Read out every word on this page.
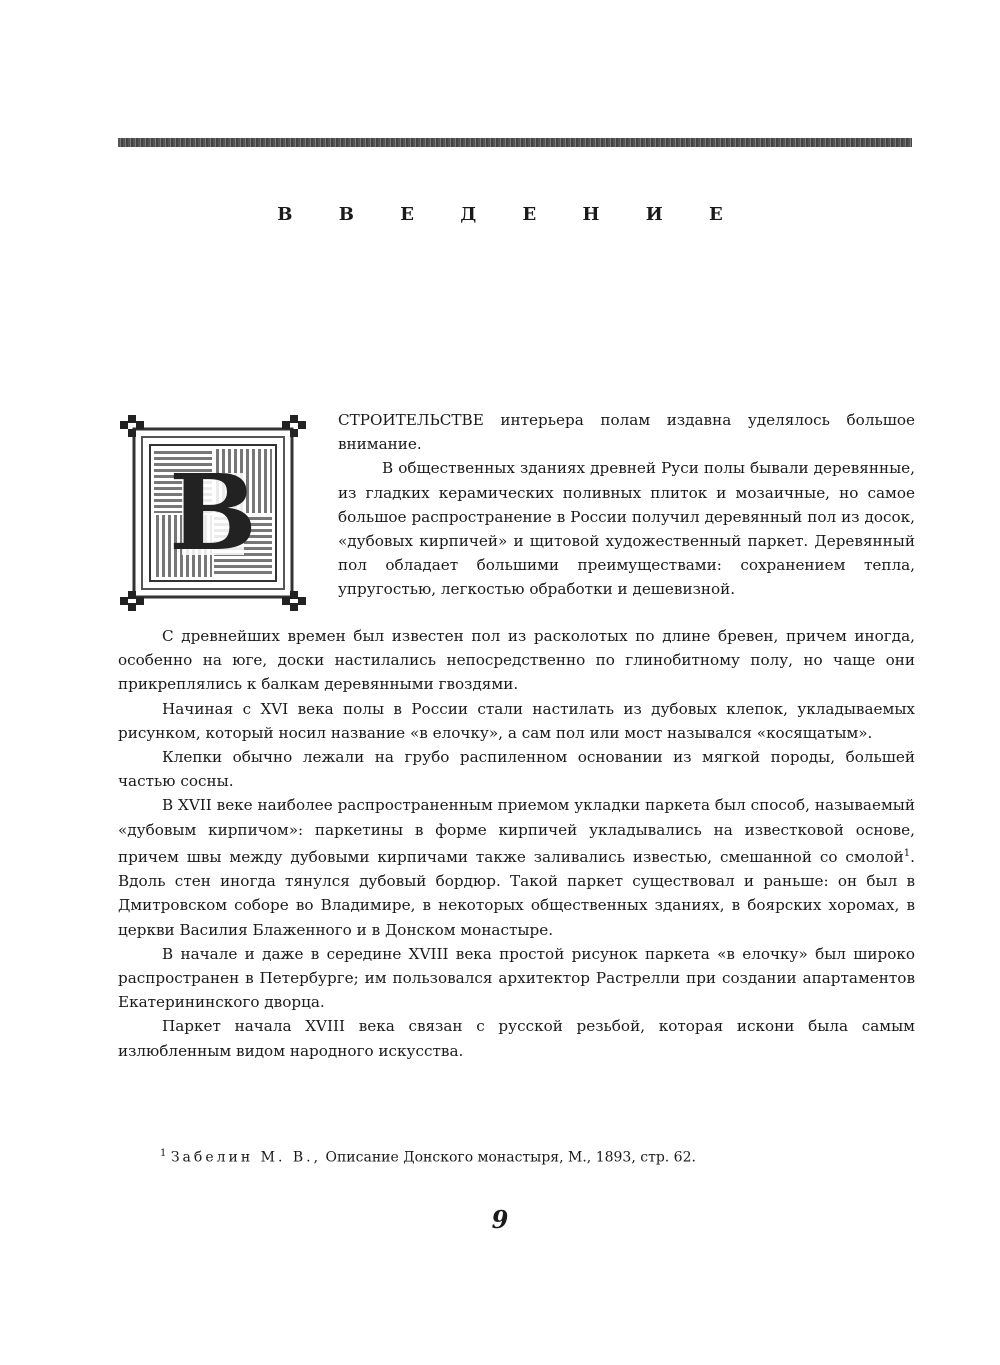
В В Е Д Е Н И Е
В

СТРОИТЕЛЬСТВЕ интерьера полам издавна уделялось большое внимание.

В общественных зданиях древней Руси полы бывали деревянные, из гладких керамических поливных плиток и мозаичные, но самое большое распространение в России получил деревянный пол из досок, «дубовых кирпичей» и щитовой художественный паркет. Деревянный пол обладает большими преимуществами: сохранением тепла, упругостью, легкостью обработки и дешевизной.

С древнейших времен был известен пол из расколотых по длине бревен, причем иногда, особенно на юге, доски настилались непосредственно по глинобитному полу, но чаще они прикреплялись к балкам деревянными гвоздями.

Начиная с XVI века полы в России стали настилать из дубовых клепок, укладываемых рисунком, который носил название «в елочку», а сам пол или мост назывался «косящатым».

Клепки обычно лежали на грубо распиленном основании из мягкой породы, большей частью сосны.

В XVII веке наиболее распространенным приемом укладки паркета был способ, называемый «дубовым кирпичом»: паркетины в форме кирпичей укладывались на известковой основе, причем швы между дубовыми кирпичами также заливались известью, смешанной со смолой$^1$. Вдоль стен иногда тянулся дубовый бордюр. Такой паркет существовал и раньше: он был в Дмитровском соборе во Владимире, в некоторых общественных зданиях, в боярских хоромах, в церкви Василия Блаженного и в Донском монастыре.

В начале и даже в середине XVIII века простой рисунок паркета «в елочку» был широко распространен в Петербурге; им пользовался архитектор Растрелли при создании апартаментов Екатерининского дворца.

Паркет начала XVIII века связан с русской резьбой, которая искони была самым излюбленным видом народного искусства.

$^1$ Забелин М. В., Описание Донского монастыря, М., 1893, стр. 62.
9
